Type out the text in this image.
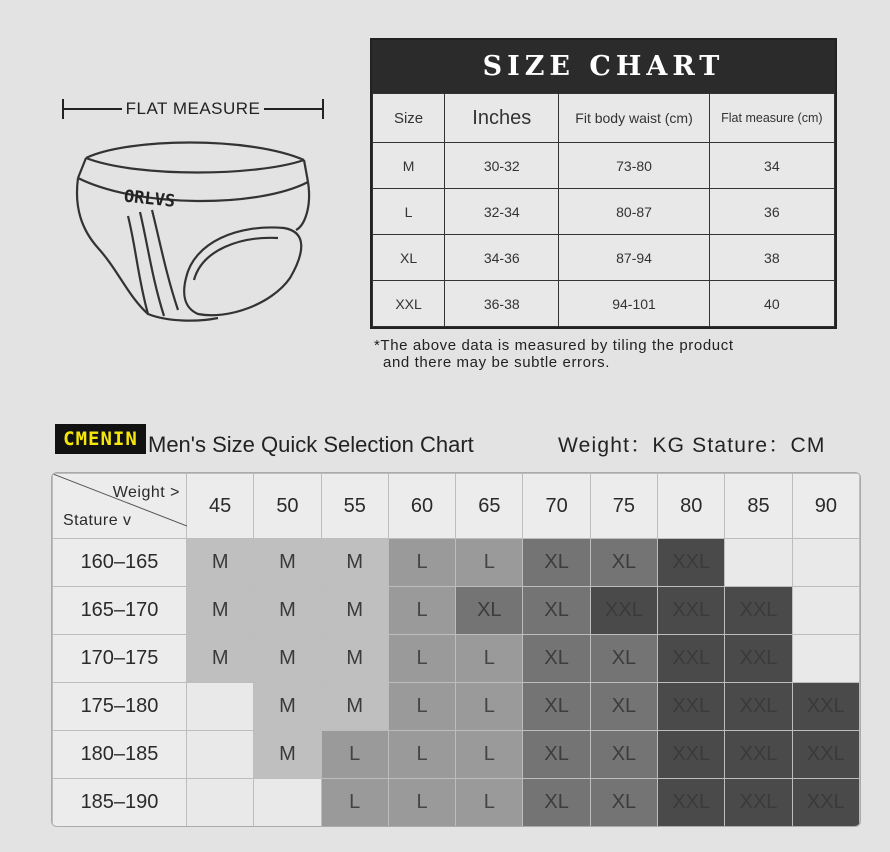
FLAT MEASURE
ORLVS
SIZE CHART
Size	Inches	Fit body waist (cm)	Flat measure (cm)
M	30-32	73-80	34
L	32-34	80-87	36
XL	34-36	87-94	38
XXL	36-38	94-101	40
*The above data is measured by tiling the product
and there may be subtle errors.
CMENIN Men's Size Quick Selection Chart	Weight：KG Stature：CM
Weight >
Stature v	45	50	55	60	65	70	75	80	85	90
160–165	M	M	M	L	L	XL	XL	XXL		
165–170	M	M	M	L	XL	XL	XXL	XXL	XXL	
170–175	M	M	M	L	L	XL	XL	XXL	XXL	
175–180		M	M	L	L	XL	XL	XXL	XXL	XXL
180–185		M	L	L	L	XL	XL	XXL	XXL	XXL
185–190			L	L	L	XL	XL	XXL	XXL	XXL
